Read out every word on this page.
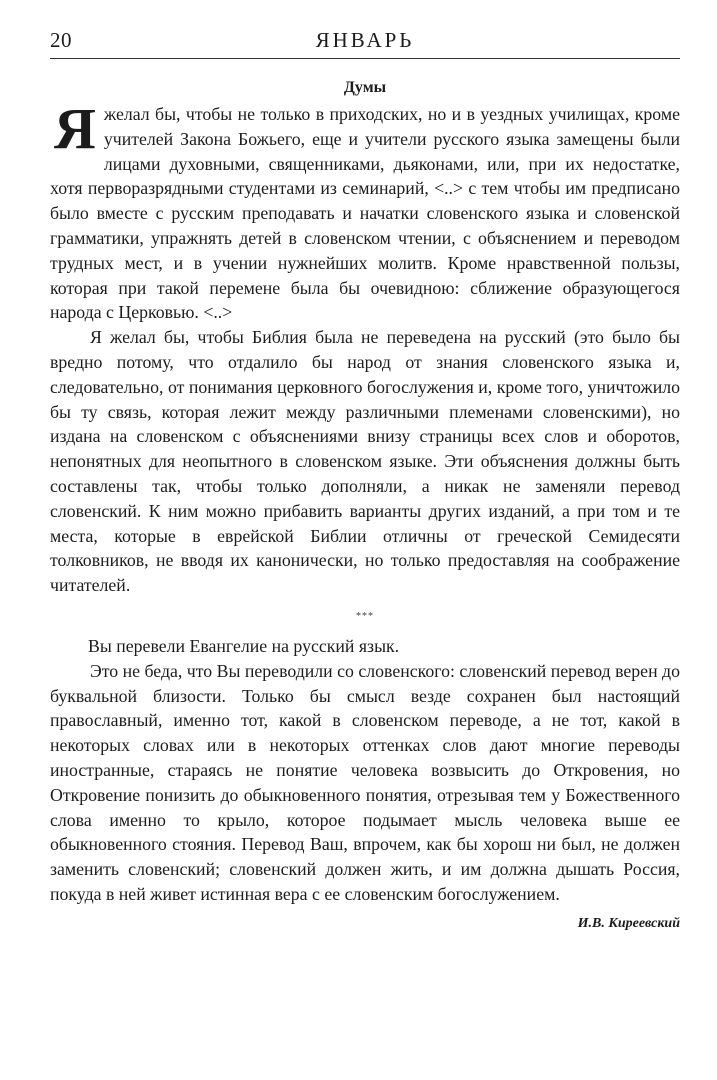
20	ЯНВАРЬ
Думы

Яжелал бы, чтобы не только в приходских, но и в уездных училищах, кроме учителей Закона Божьего, еще и учители русского языка замещены были лицами духовными, священниками, дьяконами, или, при их недостатке, хотя перворазрядными студентами из семинарий, <..> с тем чтобы им предписано было вместе с русским преподавать и начатки словенского языка и словенской грамматики, упражнять детей в словенском чтении, с объяснением и переводом трудных мест, и в учении нужнейших молитв. Кроме нравственной пользы, которая при такой перемене была бы очевидною: сближение образующегося народа с Церковью. <..>

Я желал бы, чтобы Библия была не переведена на русский (это было бы вредно потому, что отдалило бы народ от знания словенского языка и, следовательно, от понимания церковного богослужения и, кроме того, уничтожило бы ту связь, которая лежит между различными племенами словенскими), но издана на словенском с объяснениями внизу страницы всех слов и оборотов, непонятных для неопытного в словенском языке. Эти объяснения должны быть составлены так, чтобы только дополняли, а никак не заменяли перевод словенский. К ним можно прибавить варианты других изданий, а при том и те места, которые в еврейской Библии отличны от греческой Семидесяти толковников, не вводя их канонически, но только предоставляя на соображение читателей.

***

Вы перевели Евангелие на русский язык.

Это не беда, что Вы переводили со словенского: словенский перевод верен до буквальной близости. Только бы смысл везде сохранен был настоящий православный, именно тот, какой в словенском переводе, а не тот, какой в некоторых словах или в некоторых оттенках слов дают многие переводы иностранные, стараясь не понятие человека возвысить до Откровения, но Откровение понизить до обыкновенного понятия, отрезывая тем у Божественного слова именно то крыло, которое подымает мысль человека выше ее обыкновенного стояния. Перевод Ваш, впрочем, как бы хорош ни был, не должен заменить словенский; словенский должен жить, и им должна дышать Россия, покуда в ней живет истинная вера с ее словенским богослужением.

И.В. Киреевский
